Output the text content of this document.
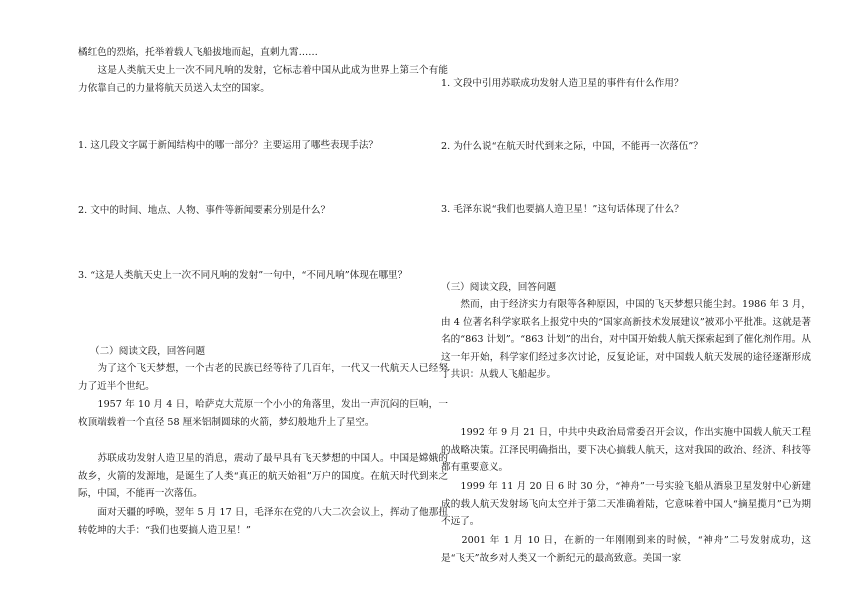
橘红色的烈焰，托举着载人飞船拔地而起，直刺九霄……

　　这是人类航天史上一次不同凡响的发射，它标志着中国从此成为世界上第三个有能力依靠自己的力量将航天员送入太空的国家。

1. 这几段文字属于新闻结构中的哪一部分？主要运用了哪些表现手法？

2. 文中的时间、地点、人物、事件等新闻要素分别是什么？

3. “这是人类航天史上一次不同凡响的发射”一句中，“不同凡响”体现在哪里？

（二）阅读文段，回答问题

　　为了这个飞天梦想，一个古老的民族已经等待了几百年，一代又一代航天人已经努力了近半个世纪。

　　1957 年 10 月 4 日，哈萨克大荒原一个小小的角落里，发出一声沉闷的巨响，一枚顶端载着一个直径 58 厘米铝制圆球的火箭，梦幻般地升上了星空。

　　苏联成功发射人造卫星的消息，震动了最早具有飞天梦想的中国人。中国是嫦娥的故乡，火箭的发源地，是诞生了人类“真正的航天始祖”万户的国度。在航天时代到来之际，中国，不能再一次落伍。

　　面对天疆的呼唤，翌年 5 月 17 日，毛泽东在党的八大二次会议上，挥动了他那扭转乾坤的大手：“我们也要搞人造卫星！”

1. 文段中引用苏联成功发射人造卫星的事件有什么作用？

2. 为什么说“在航天时代到来之际，中国，不能再一次落伍”？

3. 毛泽东说“我们也要搞人造卫星！”这句话体现了什么？

（三）阅读文段，回答问题

　　然而，由于经济实力有限等各种原因，中国的飞天梦想只能尘封。1986 年 3 月，由 4 位著名科学家联名上报党中央的“国家高新技术发展建议”被邓小平批准。这就是著名的“863 计划”。“863 计划”的出台，对中国开始载人航天探索起到了催化剂作用。从这一年开始，科学家们经过多次讨论，反复论证，对中国载人航天发展的途径逐渐形成了共识：从载人飞船起步。

　　1992 年 9 月 21 日，中共中央政治局常委召开会议，作出实施中国载人航天工程的战略决策。江泽民明确指出，要下决心搞载人航天，这对我国的政治、经济、科技等都有重要意义。

　　1999 年 11 月 20 日 6 时 30 分，“神舟”一号实验飞船从酒泉卫星发射中心新建成的载人航天发射场飞向太空并于第二天准确着陆，它意味着中国人“摘星揽月”已为期不远了。

　　2001 年 1 月 10 日，在新的一年刚刚到来的时候，“神舟”二号发射成功，这是“飞天”故乡对人类又一个新纪元的最高致意。美国一家
